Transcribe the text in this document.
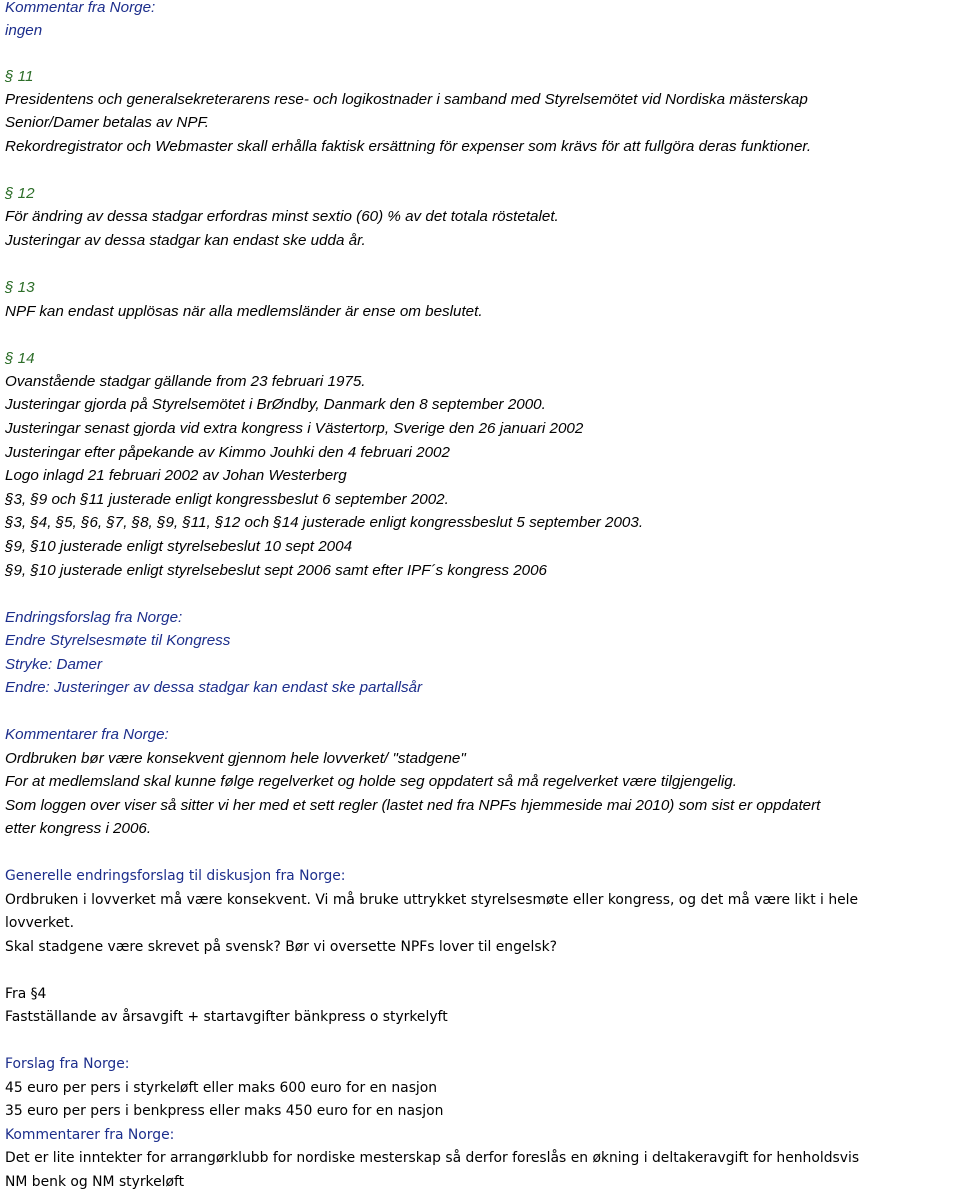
Kommentar fra Norge:

ingen

§ 11

Presidentens och generalsekreterarens rese- och logikostnader i samband med Styrelsemötet vid Nordiska mästerskap

Senior/Damer betalas av NPF.

Rekordregistrator och Webmaster skall erhålla faktisk ersättning för expenser som krävs för att fullgöra deras funktioner.

§ 12

För ändring av dessa stadgar erfordras minst sextio (60) % av det totala röstetalet.

Justeringar av dessa stadgar kan endast ske udda år.

§ 13

NPF kan endast upplösas när alla medlemsländer är ense om beslutet.

§ 14

Ovanstående stadgar gällande from 23 februari 1975.

Justeringar gjorda på Styrelsemötet i BrØndby, Danmark den 8 september 2000.

Justeringar senast gjorda vid extra kongress i Västertorp, Sverige den 26 januari 2002

Justeringar efter påpekande av Kimmo Jouhki den 4 februari 2002

Logo inlagd 21 februari 2002 av Johan Westerberg

§3, §9 och §11 justerade enligt kongressbeslut 6 september 2002.

§3, §4, §5, §6, §7, §8, §9, §11, §12 och §14 justerade enligt kongressbeslut 5 september 2003.

§9, §10 justerade enligt styrelsebeslut 10 sept 2004

§9, §10 justerade enligt styrelsebeslut sept 2006 samt efter IPF´s kongress 2006

Endringsforslag fra Norge:

Endre Styrelsesmøte til Kongress

Stryke: Damer

Endre: Justeringer av dessa stadgar kan endast ske partallsår

Kommentarer fra Norge:

Ordbruken bør være konsekvent gjennom hele lovverket/ "stadgene"

For at medlemsland skal kunne følge regelverket og holde seg oppdatert så må regelverket være tilgjengelig.

Som loggen over viser så sitter vi her med et sett regler (lastet ned fra NPFs hjemmeside mai 2010) som sist er oppdatert

etter kongress i 2006.

Generelle endringsforslag til diskusjon fra Norge:

Ordbruken i lovverket må være konsekvent. Vi må bruke uttrykket styrelsesmøte eller kongress, og det må være likt i hele

lovverket.

Skal stadgene være skrevet på svensk? Bør vi oversette NPFs lover til engelsk?

Fra §4

Fastställande av årsavgift + startavgifter bänkpress o styrkelyft

Forslag fra Norge:

45 euro per pers i styrkeløft eller maks 600 euro for en nasjon

35 euro per pers i benkpress eller maks 450 euro for en nasjon

Kommentarer fra Norge:

Det er lite inntekter for arrangørklubb for nordiske mesterskap så derfor foreslås en økning i deltakeravgift for henholdsvis

NM benk og NM styrkeløft
